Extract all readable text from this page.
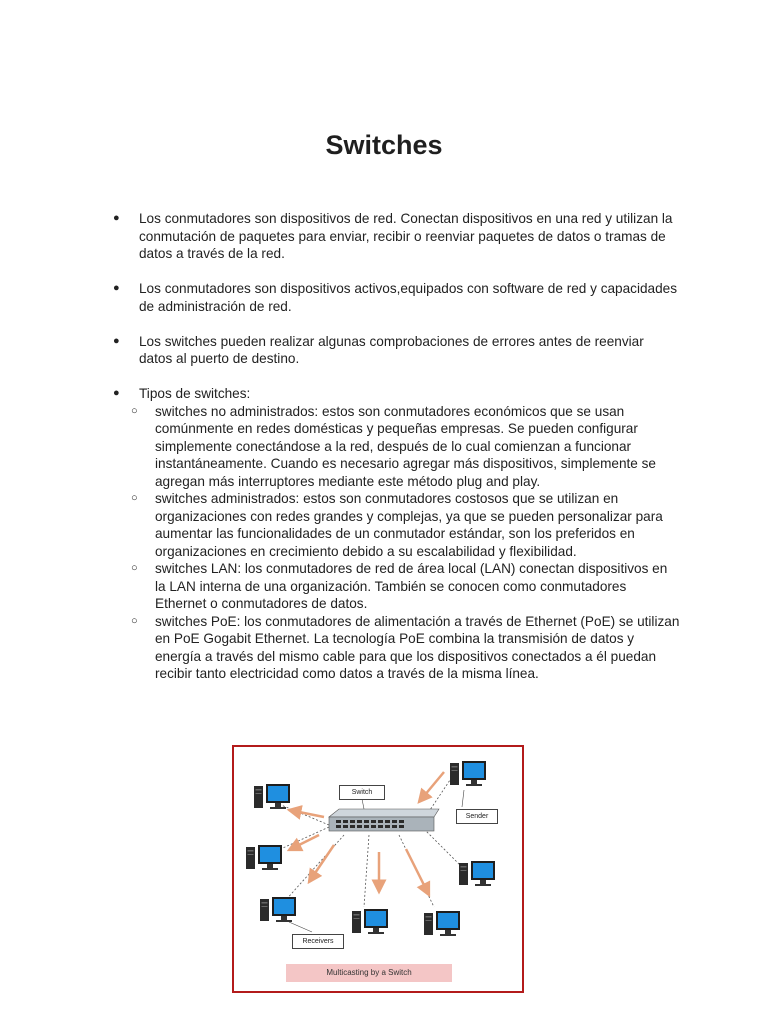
Switches
● Los conmutadores son dispositivos de red. Conectan dispositivos en una red y utilizan la conmutación de paquetes para enviar, recibir o reenviar paquetes de datos o tramas de datos a través de la red.
● Los conmutadores son dispositivos activos,equipados con software de red y capacidades de administración de red.
● Los switches pueden realizar algunas comprobaciones de errores antes de reenviar datos al puerto de destino.
● Tipos de switches:
○ switches no administrados: estos son conmutadores económicos que se usan comúnmente en redes domésticas y pequeñas empresas. Se pueden configurar simplemente conectándose a la red, después de lo cual comienzan a funcionar instantáneamente. Cuando es necesario agregar más dispositivos, simplemente se agregan más interruptores mediante este método plug and play.
○ switches administrados: estos son conmutadores costosos que se utilizan en organizaciones con redes grandes y complejas, ya que se pueden personalizar para aumentar las funcionalidades de un conmutador estándar, son los preferidos en organizaciones en crecimiento debido a su escalabilidad y flexibilidad.
○ switches LAN: los conmutadores de red de área local (LAN) conectan dispositivos en la LAN interna de una organización. También se conocen como conmutadores Ethernet o conmutadores de datos.
○ switches PoE: los conmutadores de alimentación a través de Ethernet (PoE) se utilizan en PoE Gogabit Ethernet. La tecnología PoE combina la transmisión de datos y energía a través del mismo cable para que los dispositivos conectados a él puedan recibir tanto electricidad como datos a través de la misma línea.
Switch
Sender
Receivers
Multicasting by a Switch
